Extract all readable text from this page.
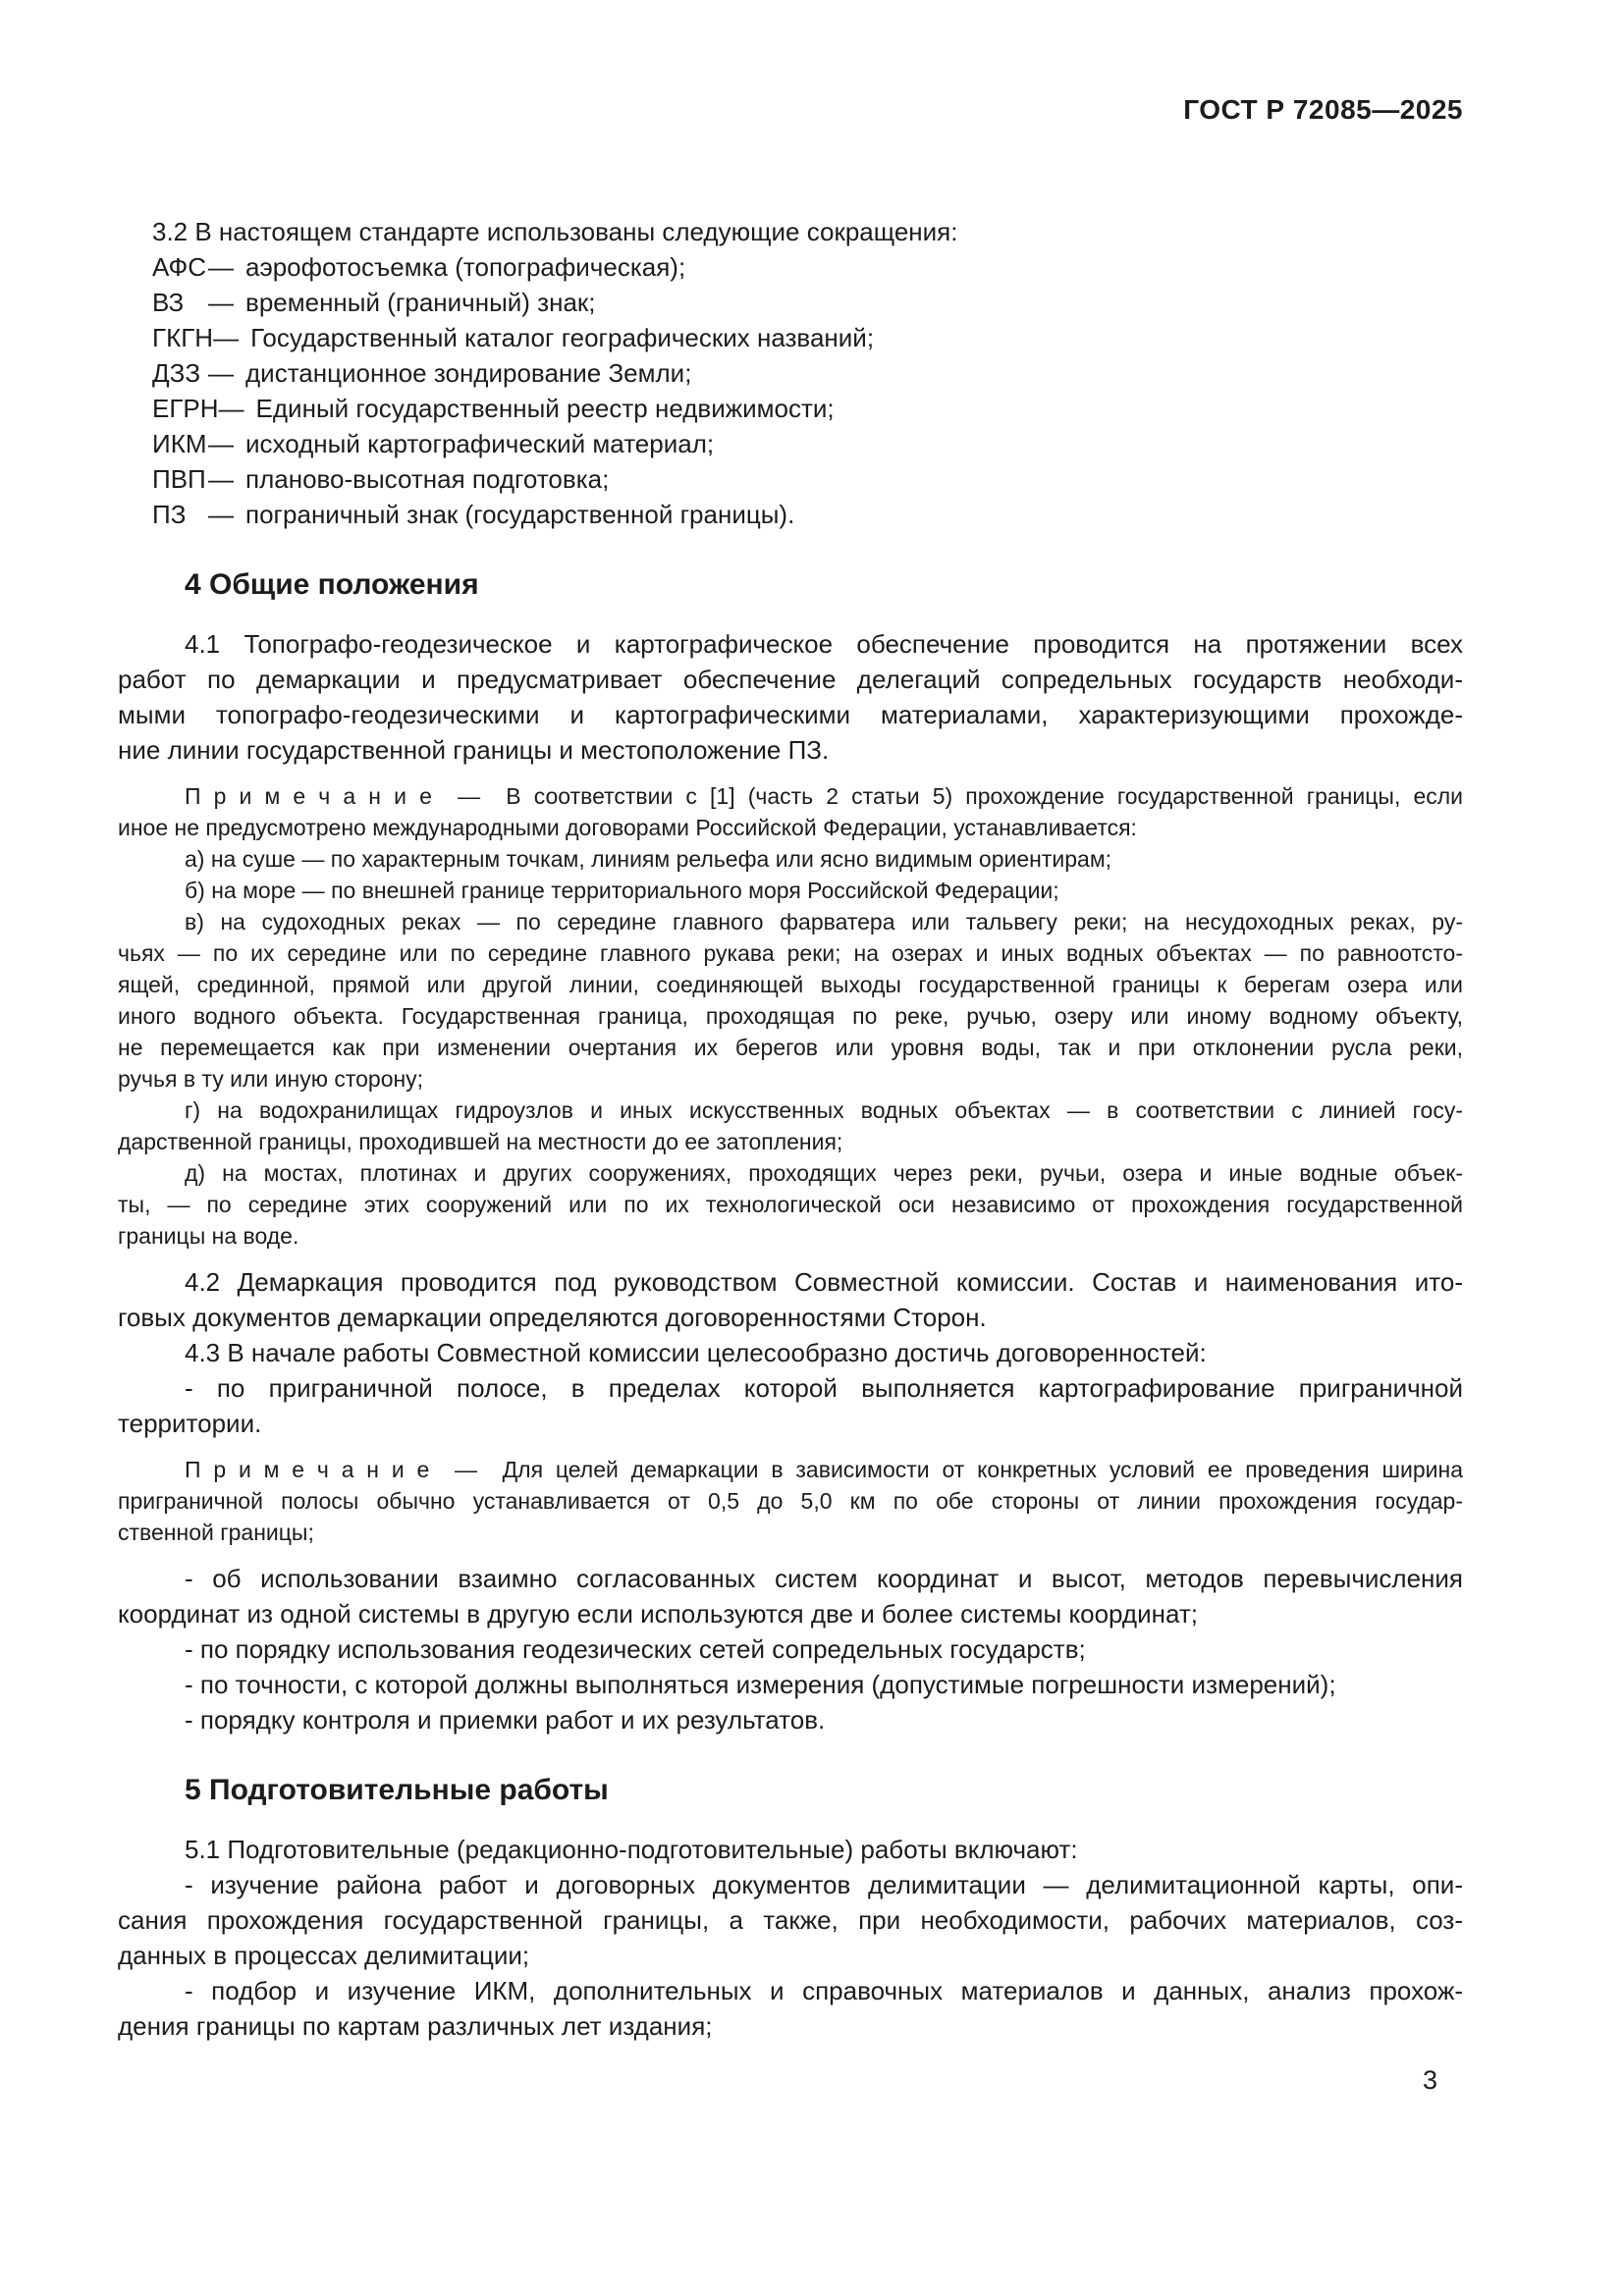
ГОСТ Р 72085—2025
3.2 В настоящем стандарте использованы следующие сокращения:
АФС— аэрофотосъемка (топографическая);
ВЗ — временный (граничный) знак;
ГКГН— Государственный каталог географических названий;
ДЗЗ — дистанционное зондирование Земли;
ЕГРН— Единый государственный реестр недвижимости;
ИКМ— исходный картографический материал;
ПВП— планово-высотная подготовка;
ПЗ — пограничный знак (государственной границы).
4 Общие положения
4.1 Топографо-геодезическое и картографическое обеспечение проводится на протяжении всех
работ по демаркации и предусматривает обеспечение делегаций сопредельных государств необходи-
мыми топографо-геодезическими и картографическими материалами, характеризующими прохожде-
ние линии государственной границы и местоположение ПЗ.
П р и м е ч а н и е  —  В соответствии с [1] (часть 2 статьи 5) прохождение государственной границы, если
иное не предусмотрено международными договорами Российской Федерации, устанавливается:
а) на суше — по характерным точкам, линиям рельефа или ясно видимым ориентирам;
б) на море — по внешней границе территориального моря Российской Федерации;
в) на судоходных реках — по середине главного фарватера или тальвегу реки; на несудоходных реках, ру-
чьях — по их середине или по середине главного рукава реки; на озерах и иных водных объектах — по равноотсто-
ящей, срединной, прямой или другой линии, соединяющей выходы государственной границы к берегам озера или
иного водного объекта. Государственная граница, проходящая по реке, ручью, озеру или иному водному объекту,
не перемещается как при изменении очертания их берегов или уровня воды, так и при отклонении русла реки,
ручья в ту или иную сторону;
г) на водохранилищах гидроузлов и иных искусственных водных объектах — в соответствии с линией госу-
дарственной границы, проходившей на местности до ее затопления;
д) на мостах, плотинах и других сооружениях, проходящих через реки, ручьи, озера и иные водные объек-
ты, — по середине этих сооружений или по их технологической оси независимо от прохождения государственной
границы на воде.
4.2 Демаркация проводится под руководством Совместной комиссии. Состав и наименования ито-
говых документов демаркации определяются договоренностями Сторон.
4.3 В начале работы Совместной комиссии целесообразно достичь договоренностей:
- по приграничной полосе, в пределах которой выполняется картографирование приграничной
территории.
П р и м е ч а н и е  —  Для целей демаркации в зависимости от конкретных условий ее проведения ширина
приграничной полосы обычно устанавливается от 0,5 до 5,0 км по обе стороны от линии прохождения государ-
ственной границы;
- об использовании взаимно согласованных систем координат и высот, методов перевычисления
координат из одной системы в другую если используются две и более системы координат;
- по порядку использования геодезических сетей сопредельных государств;
- по точности, с которой должны выполняться измерения (допустимые погрешности измерений);
- порядку контроля и приемки работ и их результатов.
5 Подготовительные работы
5.1 Подготовительные (редакционно-подготовительные) работы включают:
- изучение района работ и договорных документов делимитации — делимитационной карты, опи-
сания прохождения государственной границы, а также, при необходимости, рабочих материалов, соз-
данных в процессах делимитации;
- подбор и изучение ИКМ, дополнительных и справочных материалов и данных, анализ прохож-
дения границы по картам различных лет издания;
3
